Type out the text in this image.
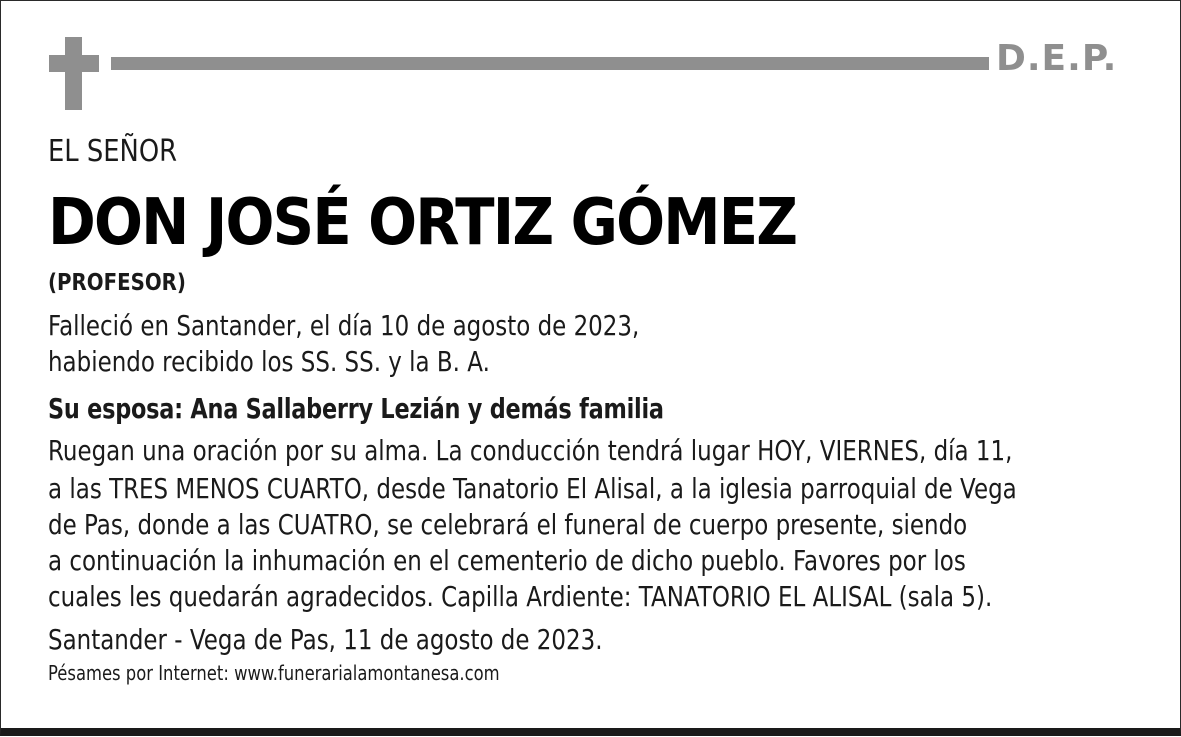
D.E.P.
EL SEÑOR
DON JOSÉ ORTIZ GÓMEZ
(PROFESOR)
Falleció en Santander, el día 10 de agosto de 2023,
habiendo recibido los SS. SS. y la B. A.
Su esposa: Ana Sallaberry Lezián y demás familia
Ruegan una oración por su alma. La conducción tendrá lugar HOY, VIERNES, día 11,
a las TRES MENOS CUARTO, desde Tanatorio El Alisal, a la iglesia parroquial de Vega
de Pas, donde a las CUATRO, se celebrará el funeral de cuerpo presente, siendo
a continuación la inhumación en el cementerio de dicho pueblo. Favores por los
cuales les quedarán agradecidos. Capilla Ardiente: TANATORIO EL ALISAL (sala 5).
Santander - Vega de Pas, 11 de agosto de 2023.
Pésames por Internet: www.funerarialamontanesa.com
